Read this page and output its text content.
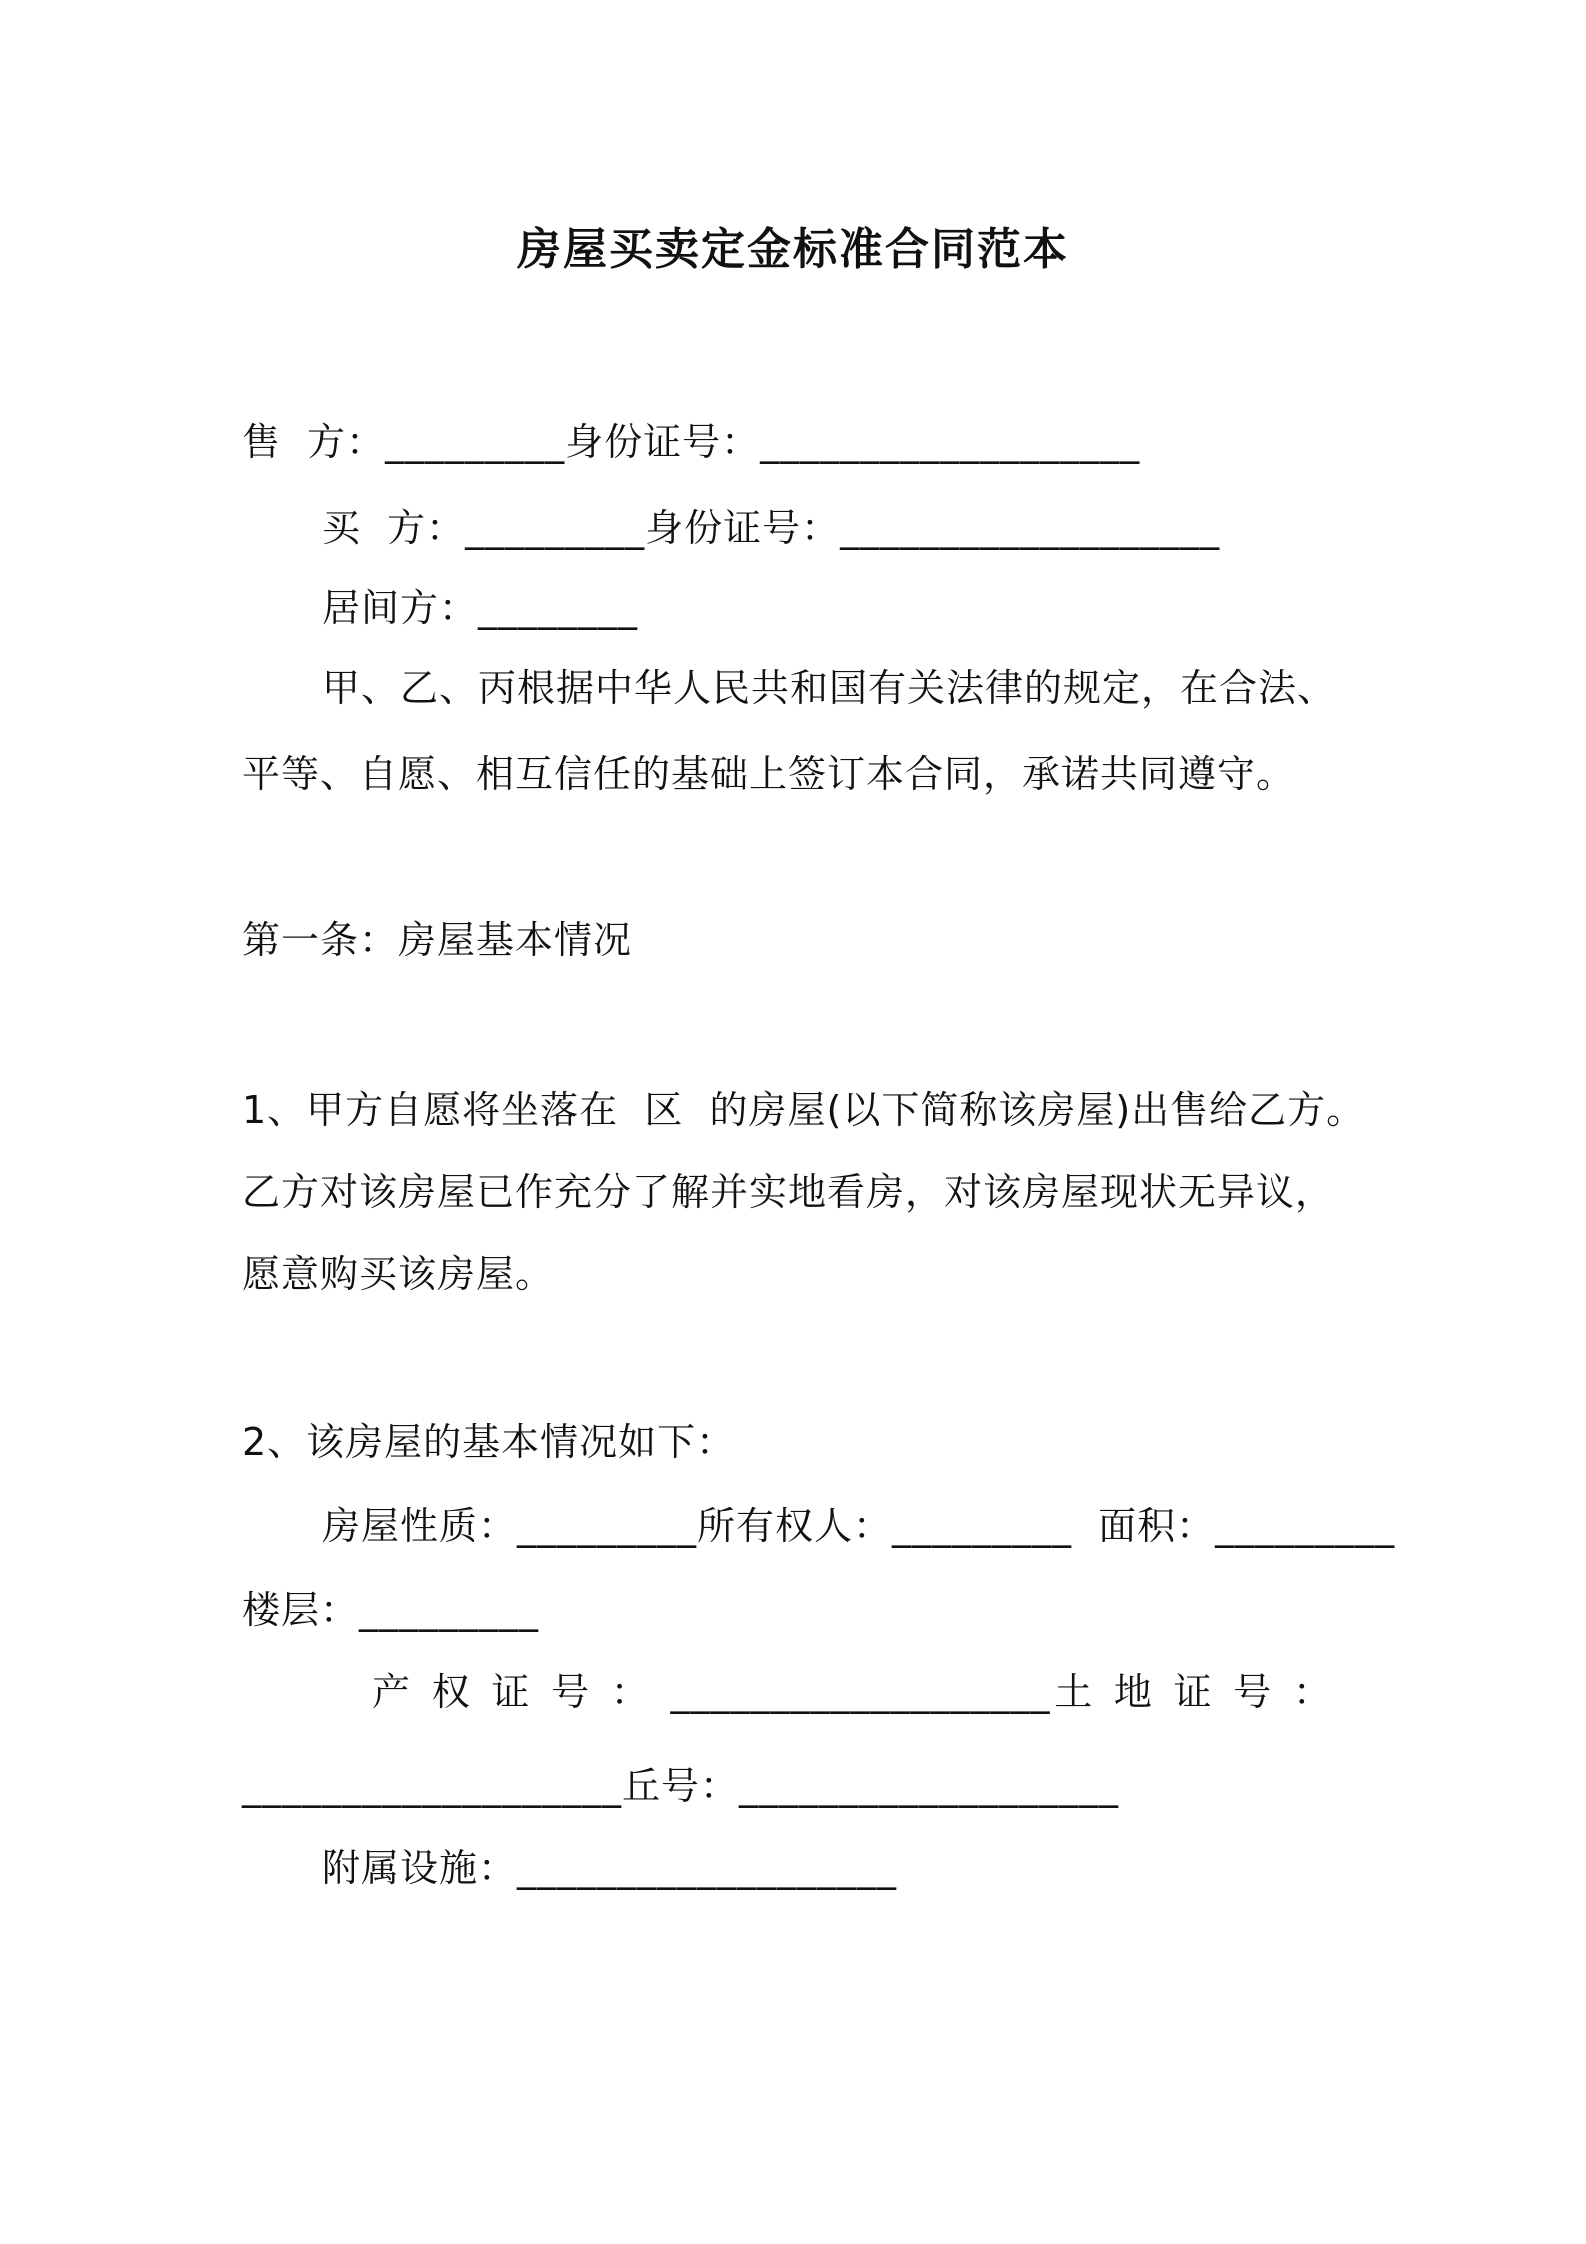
房屋买卖定金标准合同范本
售  方：_________身份证号：___________________
买  方：_________身份证号：___________________
居间方：________
甲、乙、丙根据中华人民共和国有关法律的规定，在合法、
平等、自愿、相互信任的基础上签订本合同，承诺共同遵守。
第一条：房屋基本情况
1、甲方自愿将坐落在  区  的房屋(以下简称该房屋)出售给乙方。
乙方对该房屋已作充分了解并实地看房，对该房屋现状无异议，
愿意购买该房屋。
2、该房屋的基本情况如下：
房屋性质：_________所有权人：_________  面积：_________
楼层：_________
产 权 证 号 ： ___________________土 地 证 号 ：
___________________丘号：___________________
附属设施：___________________
